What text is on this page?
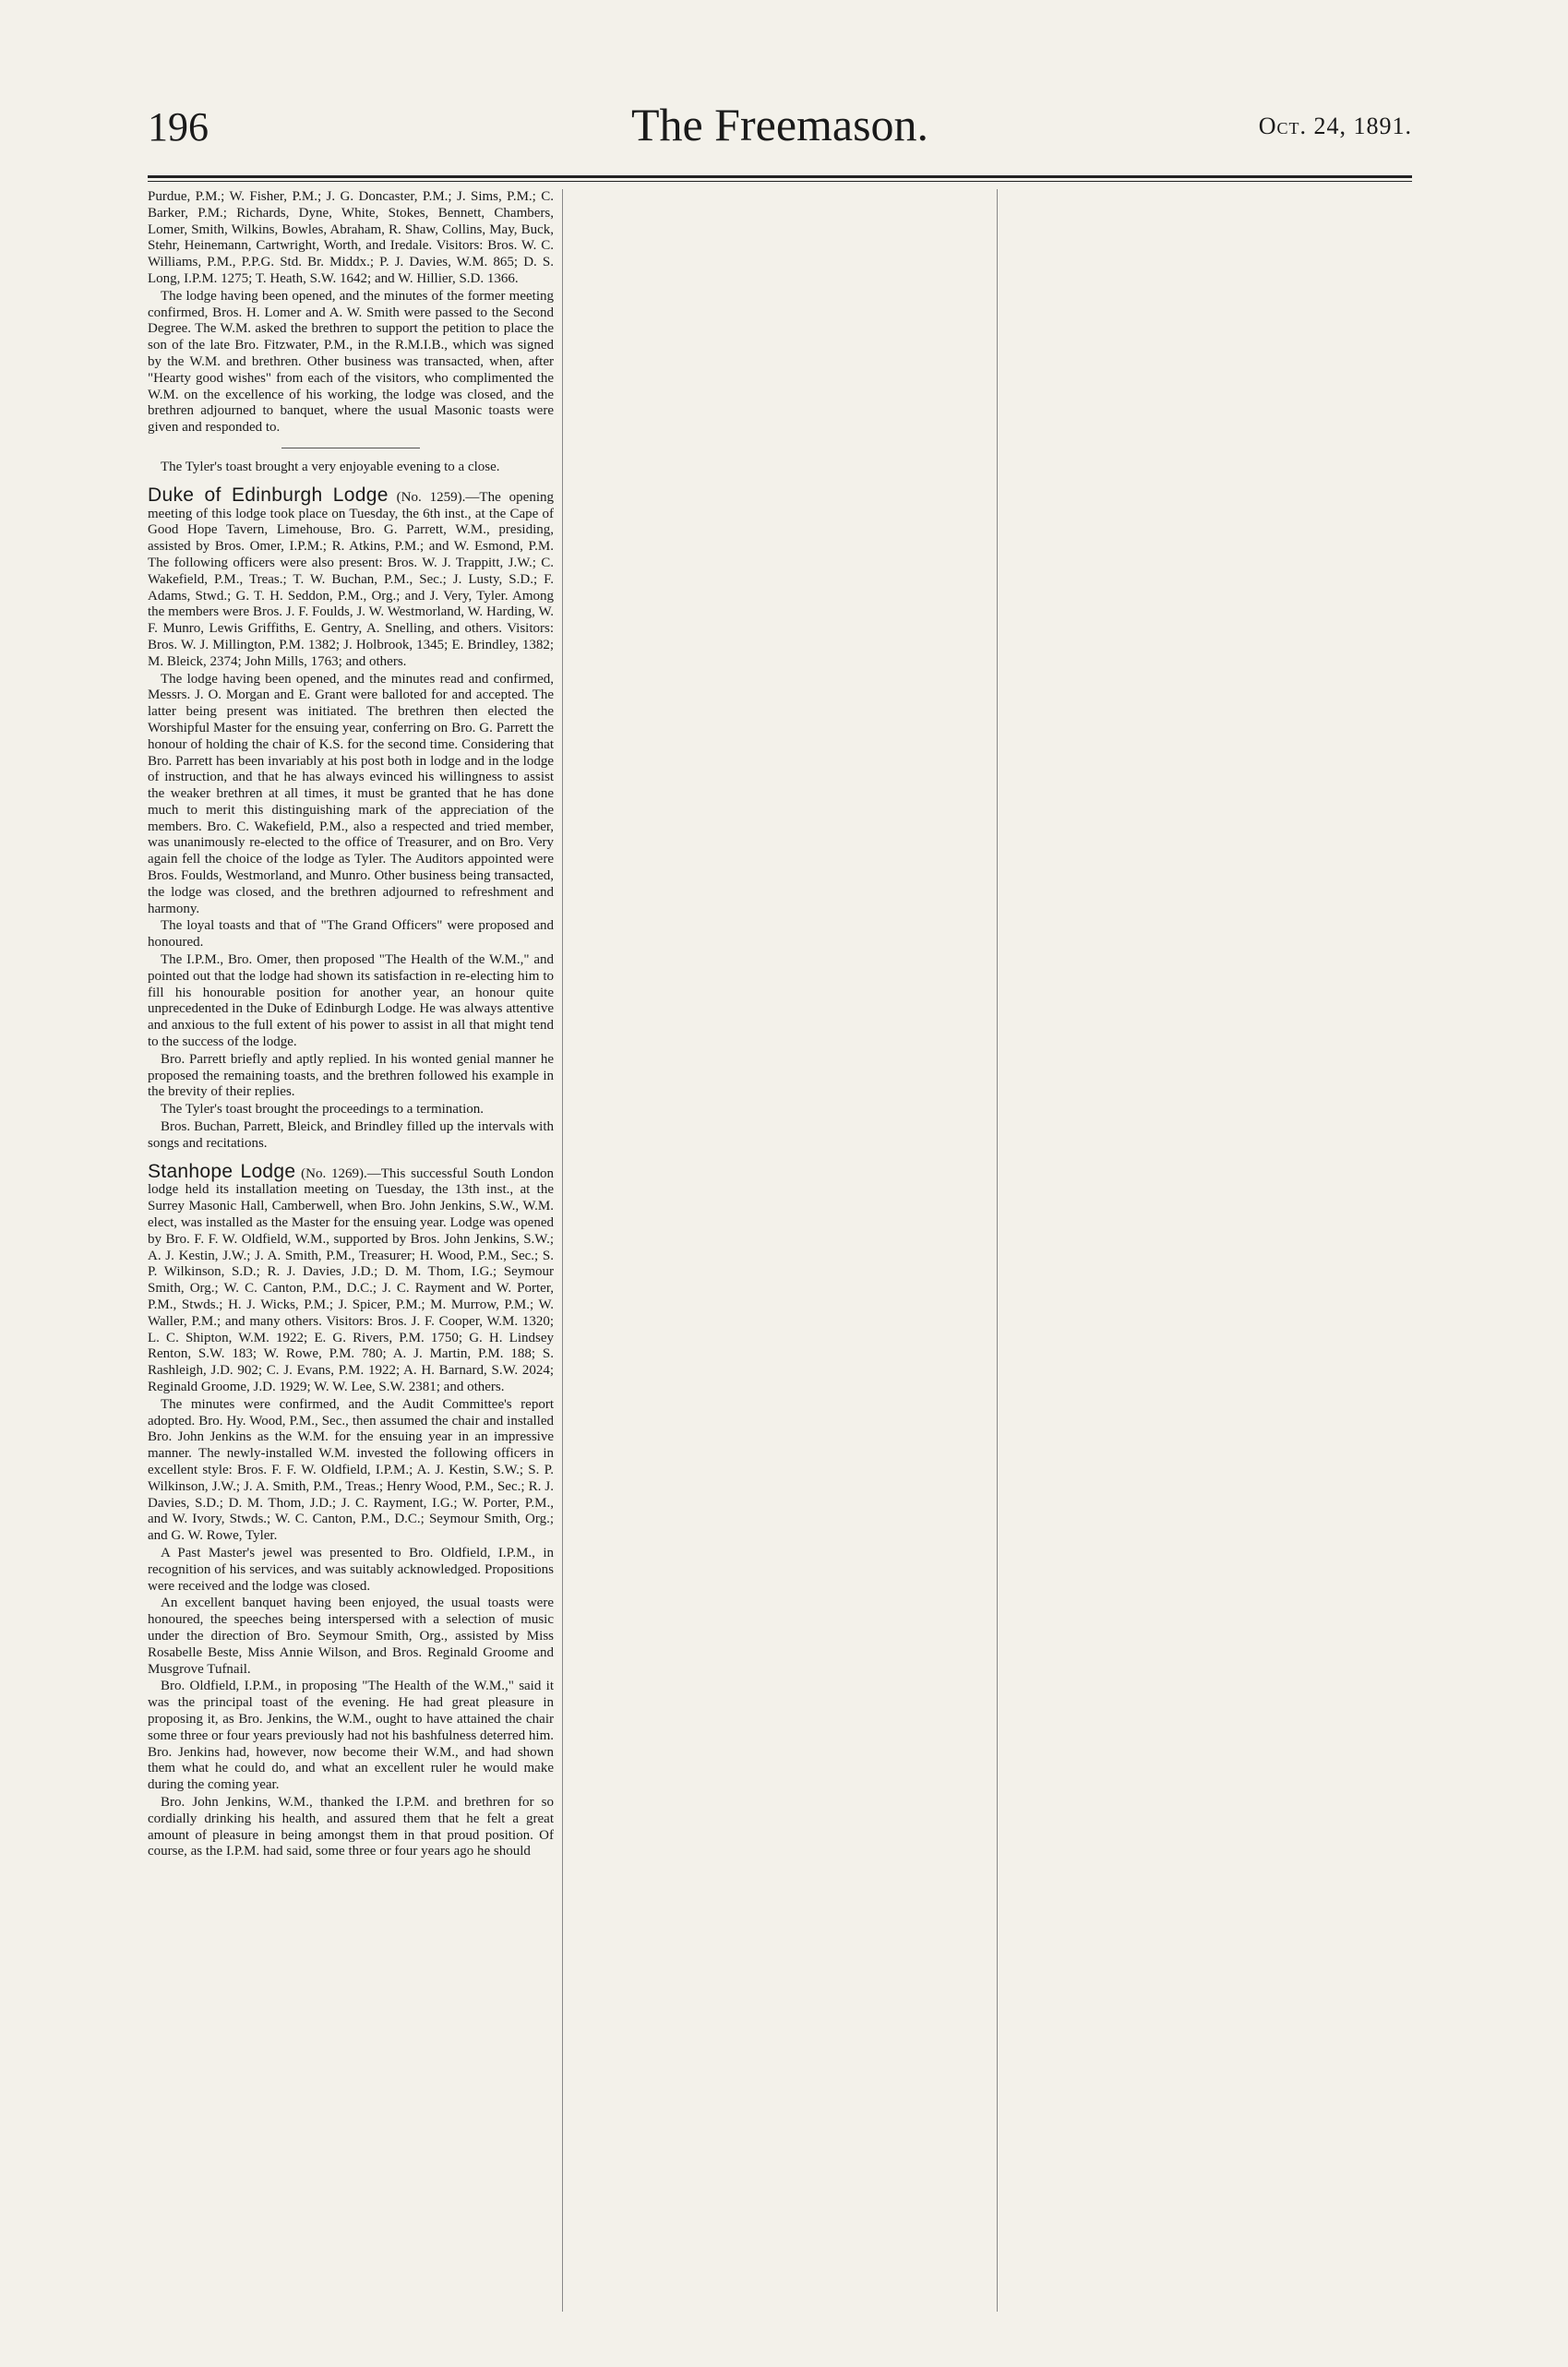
196	The Freemason.	Oct. 24, 1891.

Purdue, P.M.; W. Fisher, P.M.; J. G. Doncaster, P.M.; J. Sims, P.M.; C. Barker, P.M.; Richards, Dyne, White, Stokes, Bennett, Chambers, Lomer, Smith, Wilkins, Bowles, Abraham, R. Shaw, Collins, May, Buck, Stehr, Heinemann, Cartwright, Worth, and Iredale. Visitors: Bros. W. C. Williams, P.M., P.P.G. Std. Br. Middx.; P. J. Davies, W.M. 865; D. S. Long, I.P.M. 1275; T. Heath, S.W. 1642; and W. Hillier, S.D. 1366.

The lodge having been opened, and the minutes of the former meeting confirmed, Bros. H. Lomer and A. W. Smith were passed to the Second Degree. The W.M. asked the brethren to support the petition to place the son of the late Bro. Fitzwater, P.M., in the R.M.I.B., which was signed by the W.M. and brethren. Other business was transacted, when, after "Hearty good wishes" from each of the visitors, who complimented the W.M. on the excellence of his working, the lodge was closed, and the brethren adjourned to banquet, where the usual Masonic toasts were given and responded to.

The Tyler's toast brought a very enjoyable evening to a close.

Duke of Edinburgh Lodge (No. 1259).—The opening meeting of this lodge took place on Tuesday, the 6th inst., at the Cape of Good Hope Tavern, Limehouse, Bro. G. Parrett, W.M., presiding, assisted by Bros. Omer, I.P.M.; R. Atkins, P.M.; and W. Esmond, P.M. The following officers were also present: Bros. W. J. Trappitt, J.W.; C. Wakefield, P.M., Treas.; T. W. Buchan, P.M., Sec.; J. Lusty, S.D.; F. Adams, Stwd.; G. T. H. Seddon, P.M., Org.; and J. Very, Tyler. Among the members were Bros. J. F. Foulds, J. W. Westmorland, W. Harding, W. F. Munro, Lewis Griffiths, E. Gentry, A. Snelling, and others. Visitors: Bros. W. J. Millington, P.M. 1382; J. Holbrook, 1345; E. Brindley, 1382; M. Bleick, 2374; John Mills, 1763; and others.

The lodge having been opened, and the minutes read and confirmed, Messrs. J. O. Morgan and E. Grant were balloted for and accepted. The latter being present was initiated. The brethren then elected the Worshipful Master for the ensuing year, conferring on Bro. G. Parrett the honour of holding the chair of K.S. for the second time. Considering that Bro. Parrett has been invariably at his post both in lodge and in the lodge of instruction, and that he has always evinced his willingness to assist the weaker brethren at all times, it must be granted that he has done much to merit this distinguishing mark of the appreciation of the members. Bro. C. Wakefield, P.M., also a respected and tried member, was unanimously re-elected to the office of Treasurer, and on Bro. Very again fell the choice of the lodge as Tyler. The Auditors appointed were Bros. Foulds, Westmorland, and Munro. Other business being transacted, the lodge was closed, and the brethren adjourned to refreshment and harmony.

The loyal toasts and that of "The Grand Officers" were proposed and honoured.

The I.P.M., Bro. Omer, then proposed "The Health of the W.M.," and pointed out that the lodge had shown its satisfaction in re-electing him to fill his honourable position for another year, an honour quite unprecedented in the Duke of Edinburgh Lodge. He was always attentive and anxious to the full extent of his power to assist in all that might tend to the success of the lodge.

Bro. Parrett briefly and aptly replied. In his wonted genial manner he proposed the remaining toasts, and the brethren followed his example in the brevity of their replies.

The Tyler's toast brought the proceedings to a termination.

Bros. Buchan, Parrett, Bleick, and Brindley filled up the intervals with songs and recitations.

Stanhope Lodge (No. 1269).—This successful South London lodge held its installation meeting on Tuesday, the 13th inst., at the Surrey Masonic Hall, Camberwell, when Bro. John Jenkins, S.W., W.M. elect, was installed as the Master for the ensuing year. Lodge was opened by Bro. F. F. W. Oldfield, W.M., supported by Bros. John Jenkins, S.W.; A. J. Kestin, J.W.; J. A. Smith, P.M., Treasurer; H. Wood, P.M., Sec.; S. P. Wilkinson, S.D.; R. J. Davies, J.D.; D. M. Thom, I.G.; Seymour Smith, Org.; W. C. Canton, P.M., D.C.; J. C. Rayment and W. Porter, P.M., Stwds.; H. J. Wicks, P.M.; J. Spicer, P.M.; M. Murrow, P.M.; W. Waller, P.M.; and many others. Visitors: Bros. J. F. Cooper, W.M. 1320; L. C. Shipton, W.M. 1922; E. G. Rivers, P.M. 1750; G. H. Lindsey Renton, S.W. 183; W. Rowe, P.M. 780; A. J. Martin, P.M. 188; S. Rashleigh, J.D. 902; C. J. Evans, P.M. 1922; A. H. Barnard, S.W. 2024; Reginald Groome, J.D. 1929; W. W. Lee, S.W. 2381; and others.

The minutes were confirmed, and the Audit Committee's report adopted. Bro. Hy. Wood, P.M., Sec., then assumed the chair and installed Bro. John Jenkins as the W.M. for the ensuing year in an impressive manner. The newly-installed W.M. invested the following officers in excellent style: Bros. F. F. W. Oldfield, I.P.M.; A. J. Kestin, S.W.; S. P. Wilkinson, J.W.; J. A. Smith, P.M., Treas.; Henry Wood, P.M., Sec.; R. J. Davies, S.D.; D. M. Thom, J.D.; J. C. Rayment, I.G.; W. Porter, P.M., and W. Ivory, Stwds.; W. C. Canton, P.M., D.C.; Seymour Smith, Org.; and G. W. Rowe, Tyler.

A Past Master's jewel was presented to Bro. Oldfield, I.P.M., in recognition of his services, and was suitably acknowledged. Propositions were received and the lodge was closed.

An excellent banquet having been enjoyed, the usual toasts were honoured, the speeches being interspersed with a selection of music under the direction of Bro. Seymour Smith, Org., assisted by Miss Rosabelle Beste, Miss Annie Wilson, and Bros. Reginald Groome and Musgrove Tufnail.

Bro. Oldfield, I.P.M., in proposing "The Health of the W.M.," said it was the principal toast of the evening. He had great pleasure in proposing it, as Bro. Jenkins, the W.M., ought to have attained the chair some three or four years previously had not his bashfulness deterred him. Bro. Jenkins had, however, now become their W.M., and had shown them what he could do, and what an excellent ruler he would make during the coming year.

Bro. John Jenkins, W.M., thanked the I.P.M. and brethren for so cordially drinking his health, and assured them that he felt a great amount of pleasure in being amongst them in that proud position. Of course, as the I.P.M. had said, some three or four years ago he should
